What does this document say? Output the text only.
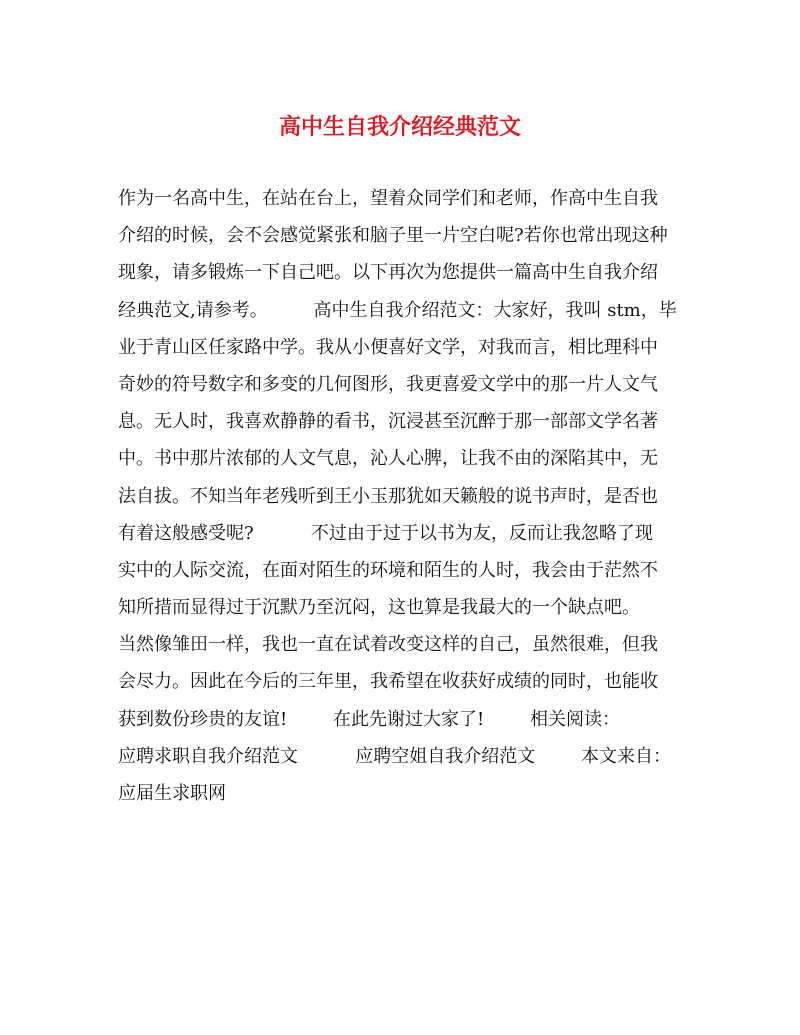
高中生自我介绍经典范文
作为一名高中生，在站在台上，望着众同学们和老师，作高中生自我
介绍的时候，会不会感觉紧张和脑子里一片空白呢?若你也常出现这种
现象，请多锻炼一下自己吧。以下再次为您提供一篇高中生自我介绍
经典范文,请参考。        高中生自我介绍范文：大家好，我叫 stm，毕
业于青山区任家路中学。我从小便喜好文学，对我而言，相比理科中
奇妙的符号数字和多变的几何图形，我更喜爱文学中的那一片人文气
息。无人时，我喜欢静静的看书，沉浸甚至沉醉于那一部部文学名著
中。书中那片浓郁的人文气息，沁人心脾，让我不由的深陷其中，无
法自拔。不知当年老残听到王小玉那犹如天籁般的说书声时，是否也
有着这般感受呢?          不过由于过于以书为友，反而让我忽略了现
实中的人际交流，在面对陌生的环境和陌生的人时，我会由于茫然不
知所措而显得过于沉默乃至沉闷，这也算是我最大的一个缺点吧。
当然像雏田一样，我也一直在试着改变这样的自己，虽然很难，但我
会尽力。因此在今后的三年里，我希望在收获好成绩的同时，也能收
获到数份珍贵的友谊!        在此先谢过大家了!        相关阅读：
应聘求职自我介绍范文          应聘空姐自我介绍范文        本文来自：
应届生求职网
